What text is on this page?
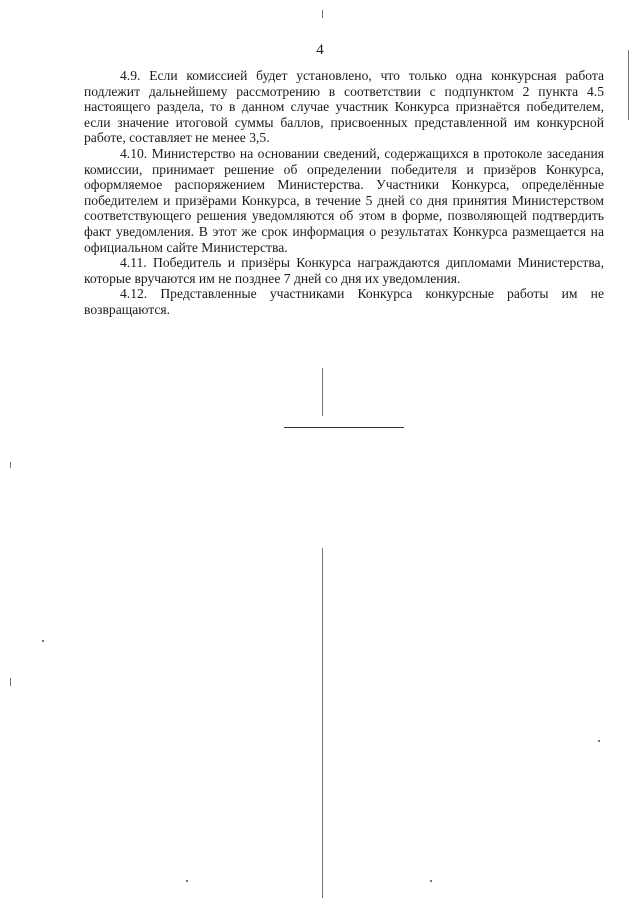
4

4.9. Если комиссией будет установлено, что только одна конкурсная работа подлежит дальнейшему рассмотрению в соответствии с подпунктом 2 пункта 4.5 настоящего раздела, то в данном случае участник Конкурса признаётся победителем, если значение итоговой суммы баллов, присвоенных представленной им конкурсной работе, составляет не менее 3,5.

4.10. Министерство на основании сведений, содержащихся в протоколе заседания комиссии, принимает решение об определении победителя и призёров Конкурса, оформляемое распоряжением Министерства. Участники Конкурса, определённые победителем и призёрами Конкурса, в течение 5 дней со дня принятия Министерством соответствующего решения уведомляются об этом в форме, позволяющей подтвердить факт уведомления. В этот же срок информация о результатах Конкурса размещается на официальном сайте Министерства.

4.11. Победитель и призёры Конкурса награждаются дипломами Министерства, которые вручаются им не позднее 7 дней со дня их уведомления.

4.12. Представленные участниками Конкурса конкурсные работы им не возвращаются.
